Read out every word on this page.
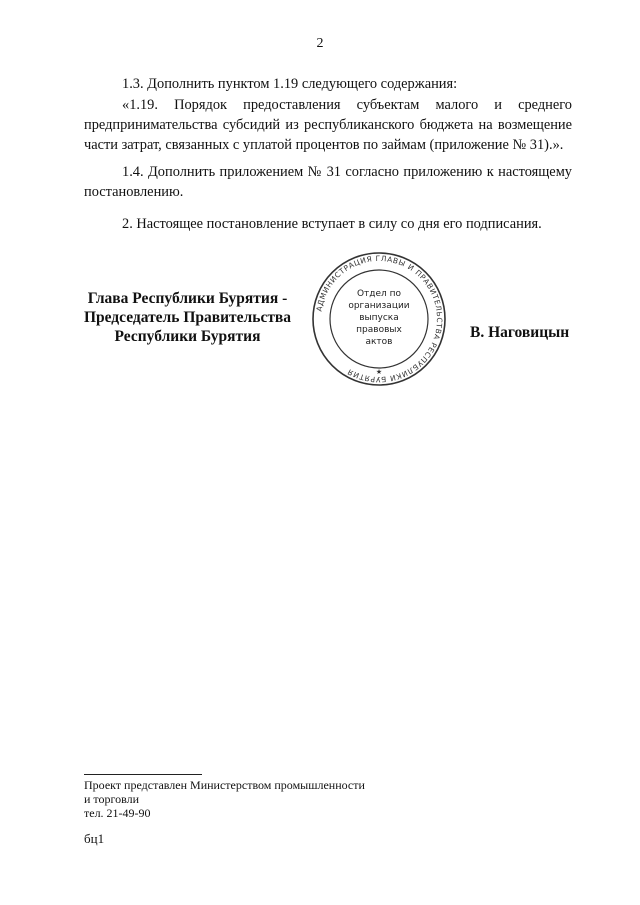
2
1.3. Дополнить пунктом 1.19 следующего содержания:
«1.19. Порядок предоставления субъектам малого и среднего предпринимательства субсидий из республиканского бюджета на возмещение части затрат, связанных с уплатой процентов по займам (приложение № 31).».
1.4. Дополнить приложением № 31 согласно приложению к настоящему постановлению.
2. Настоящее постановление вступает в силу со дня его подписания.
Глава Республики Бурятия -
Председатель Правительства
Республики Бурятия
АДМИНИСТРАЦИЯ ГЛАВЫ И ПРАВИТЕЛЬСТВА РЕСПУБЛИКИ БУРЯТИЯ
Отдел по
организации
выпуска
правовых
актов
★
В. Наговицын
Проект представлен Министерством промышленности
и торговли
тел. 21-49-90
бц1
